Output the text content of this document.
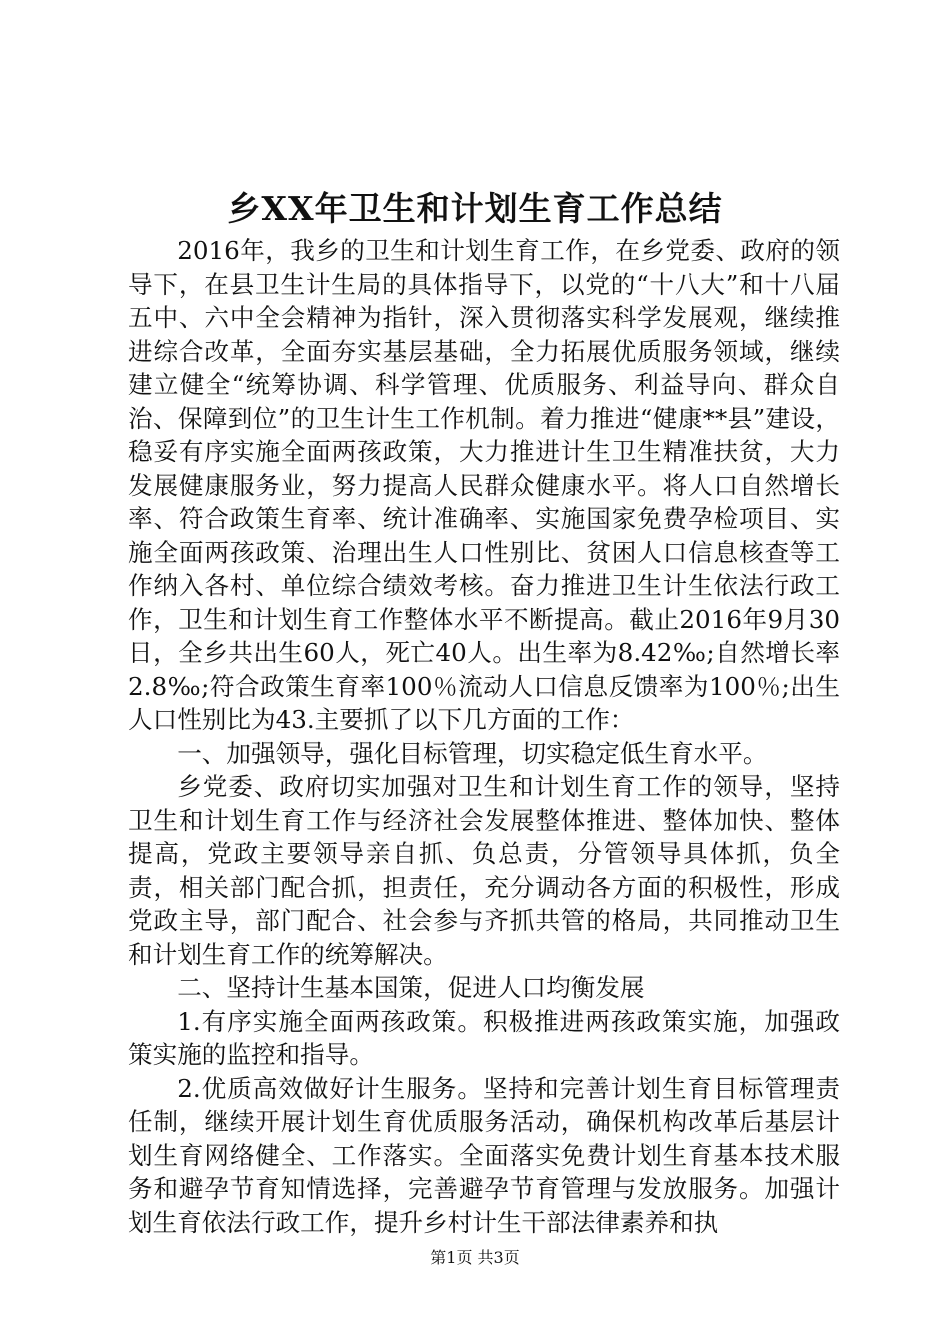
乡XX年卫生和计划生育工作总结

2016年，我乡的卫生和计划生育工作，在乡党委、政府的领导下，在县卫生计生局的具体指导下，以党的“十八大”和十八届五中、六中全会精神为指针，深入贯彻落实科学发展观，继续推进综合改革，全面夯实基层基础，全力拓展优质服务领域，继续建立健全“统筹协调、科学管理、优质服务、利益导向、群众自治、保障到位”的卫生计生工作机制。着力推进“健康**县”建设，稳妥有序实施全面两孩政策，大力推进计生卫生精准扶贫，大力发展健康服务业，努力提高人民群众健康水平。将人口自然增长率、符合政策生育率、统计准确率、实施国家免费孕检项目、实施全面两孩政策、治理出生人口性别比、贫困人口信息核查等工作纳入各村、单位综合绩效考核。奋力推进卫生计生依法行政工作，卫生和计划生育工作整体水平不断提高。截止2016年9月30日，全乡共出生60人，死亡40人。出生率为8.42‰;自然增长率2.8‰;符合政策生育率100％流动人口信息反馈率为100％;出生人口性别比为43.主要抓了以下几方面的工作：

一、加强领导，强化目标管理，切实稳定低生育水平。

乡党委、政府切实加强对卫生和计划生育工作的领导，坚持卫生和计划生育工作与经济社会发展整体推进、整体加快、整体提高，党政主要领导亲自抓、负总责，分管领导具体抓，负全责，相关部门配合抓，担责任，充分调动各方面的积极性，形成党政主导，部门配合、社会参与齐抓共管的格局，共同推动卫生和计划生育工作的统筹解决。

二、坚持计生基本国策，促进人口均衡发展

1.有序实施全面两孩政策。积极推进两孩政策实施，加强政策实施的监控和指导。

2.优质高效做好计生服务。坚持和完善计划生育目标管理责任制，继续开展计划生育优质服务活动，确保机构改革后基层计划生育网络健全、工作落实。全面落实免费计划生育基本技术服务和避孕节育知情选择，完善避孕节育管理与发放服务。加强计划生育依法行政工作，提升乡村计生干部法律素养和执

第1页 共3页
